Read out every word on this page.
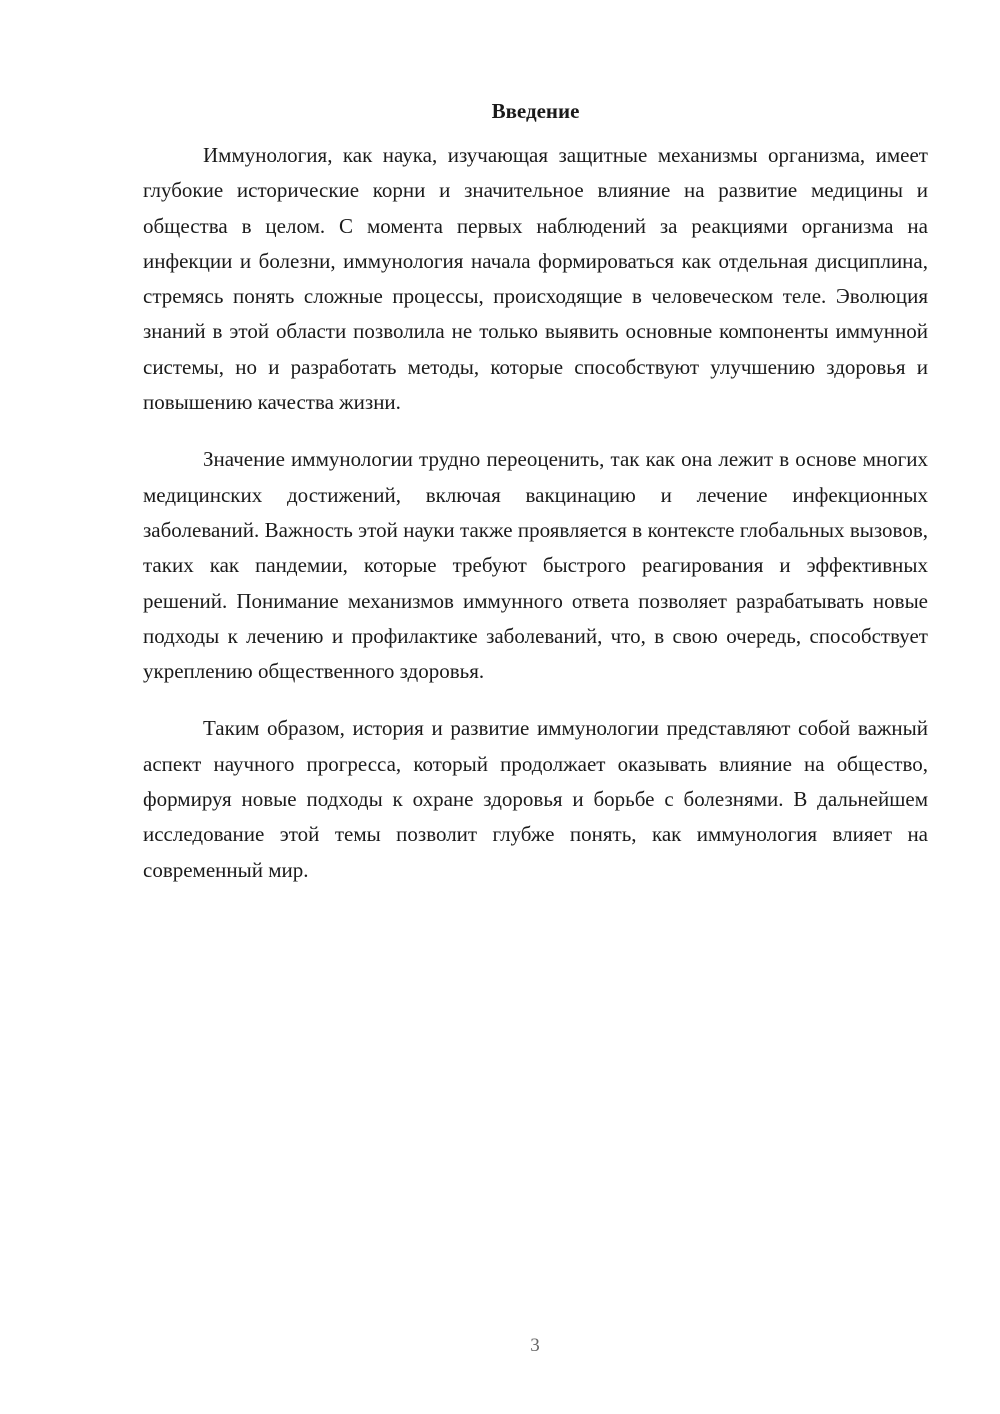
Введение

Иммунология, как наука, изучающая защитные механизмы организма, имеет глубокие исторические корни и значительное влияние на развитие медицины и общества в целом. С момента первых наблюдений за реакциями организма на инфекции и болезни, иммунология начала формироваться как отдельная дисциплина, стремясь понять сложные процессы, происходящие в человеческом теле. Эволюция знаний в этой области позволила не только выявить основные компоненты иммунной системы, но и разработать методы, которые способствуют улучшению здоровья и повышению качества жизни.

Значение иммунологии трудно переоценить, так как она лежит в основе многих медицинских достижений, включая вакцинацию и лечение инфекционных заболеваний. Важность этой науки также проявляется в контексте глобальных вызовов, таких как пандемии, которые требуют быстрого реагирования и эффективных решений. Понимание механизмов иммунного ответа позволяет разрабатывать новые подходы к лечению и профилактике заболеваний, что, в свою очередь, способствует укреплению общественного здоровья.

Таким образом, история и развитие иммунологии представляют собой важный аспект научного прогресса, который продолжает оказывать влияние на общество, формируя новые подходы к охране здоровья и борьбе с болезнями. В дальнейшем исследование этой темы позволит глубже понять, как иммунология влияет на современный мир.

3
